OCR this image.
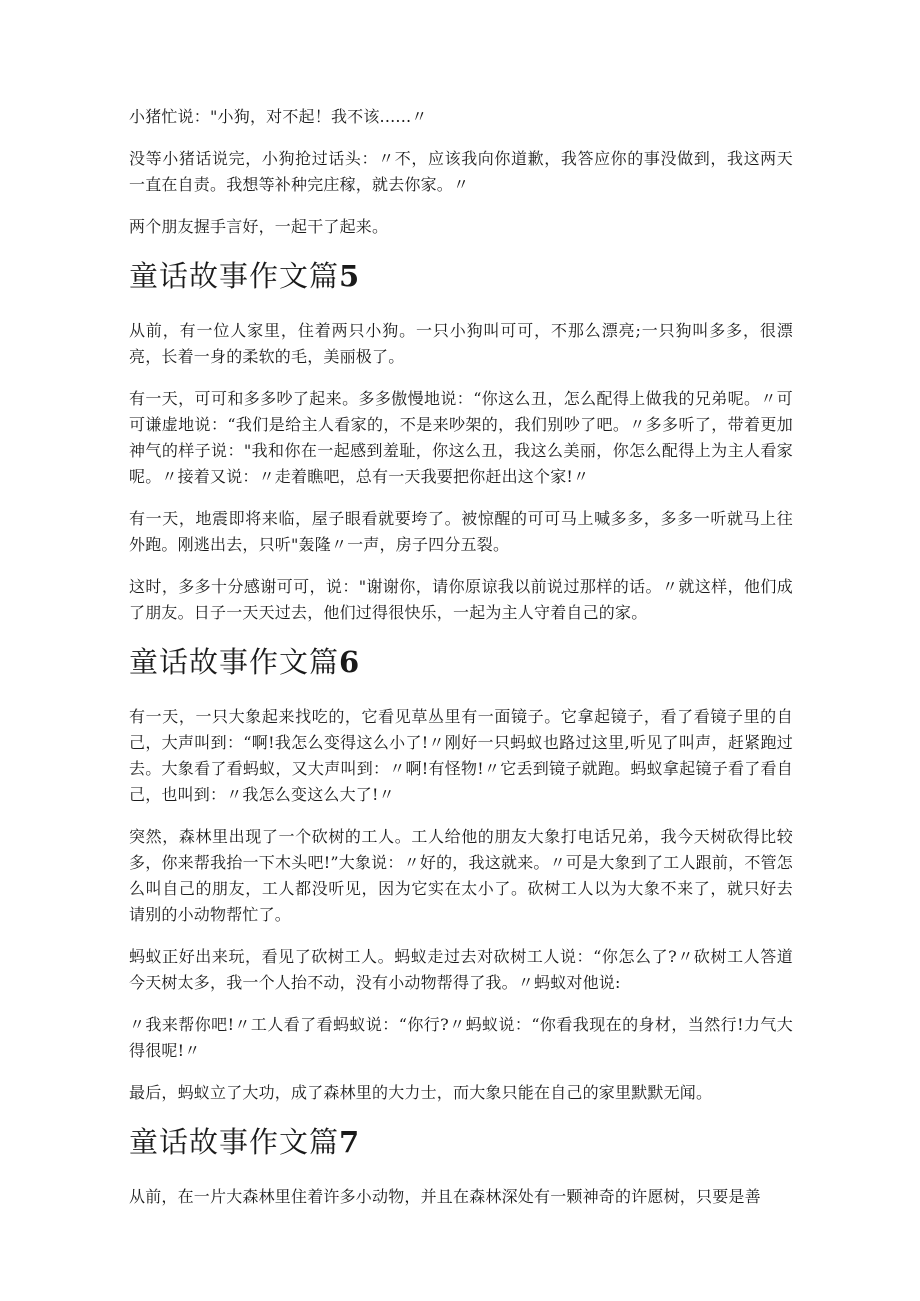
小猪忙说："小狗，对不起！我不该......〃

没等小猪话说完，小狗抢过话头：〃不，应该我向你道歉，我答应你的事没做到，我这两天一直在自责。我想等补种完庄稼，就去你家。〃

两个朋友握手言好，一起干了起来。

童话故事作文篇5

从前，有一位人家里，住着两只小狗。一只小狗叫可可，不那么漂亮;一只狗叫多多，很漂亮，长着一身的柔软的毛，美丽极了。

有一天，可可和多多吵了起来。多多傲慢地说：“你这么丑，怎么配得上做我的兄弟呢。〃可可谦虚地说：“我们是给主人看家的，不是来吵架的，我们别吵了吧。〃多多听了，带着更加神气的样子说："我和你在一起感到羞耻，你这么丑，我这么美丽，你怎么配得上为主人看家呢。〃接着又说：〃走着瞧吧，总有一天我要把你赶出这个家!〃

有一天，地震即将来临，屋子眼看就要垮了。被惊醒的可可马上喊多多，多多一听就马上往外跑。刚逃出去，只听"轰隆〃一声，房子四分五裂。

这时，多多十分感谢可可，说："谢谢你，请你原谅我以前说过那样的话。〃就这样，他们成了朋友。日子一天天过去，他们过得很快乐，一起为主人守着自己的家。

童话故事作文篇6

有一天，一只大象起来找吃的，它看见草丛里有一面镜子。它拿起镜子，看了看镜子里的自己，大声叫到：“啊!我怎么变得这么小了!〃刚好一只蚂蚁也路过这里,听见了叫声，赶紧跑过去。大象看了看蚂蚁，又大声叫到：〃啊!有怪物!〃它丢到镜子就跑。蚂蚁拿起镜子看了看自己，也叫到：〃我怎么变这么大了!〃

突然，森林里出现了一个砍树的工人。工人给他的朋友大象打电话兄弟，我今天树砍得比较多，你来帮我抬一下木头吧!”大象说：〃好的，我这就来。〃可是大象到了工人跟前，不管怎么叫自己的朋友，工人都没听见，因为它实在太小了。砍树工人以为大象不来了，就只好去请别的小动物帮忙了。

蚂蚁正好出来玩，看见了砍树工人。蚂蚁走过去对砍树工人说：“你怎么了?〃砍树工人答道今天树太多，我一个人抬不动，没有小动物帮得了我。〃蚂蚁对他说:

〃我来帮你吧!〃工人看了看蚂蚁说：“你行?〃蚂蚁说：“你看我现在的身材，当然行!力气大得很呢!〃

最后，蚂蚁立了大功，成了森林里的大力士，而大象只能在自己的家里默默无闻。

童话故事作文篇7

从前，在一片大森林里住着许多小动物，并且在森林深处有一颗神奇的许愿树，只要是善
